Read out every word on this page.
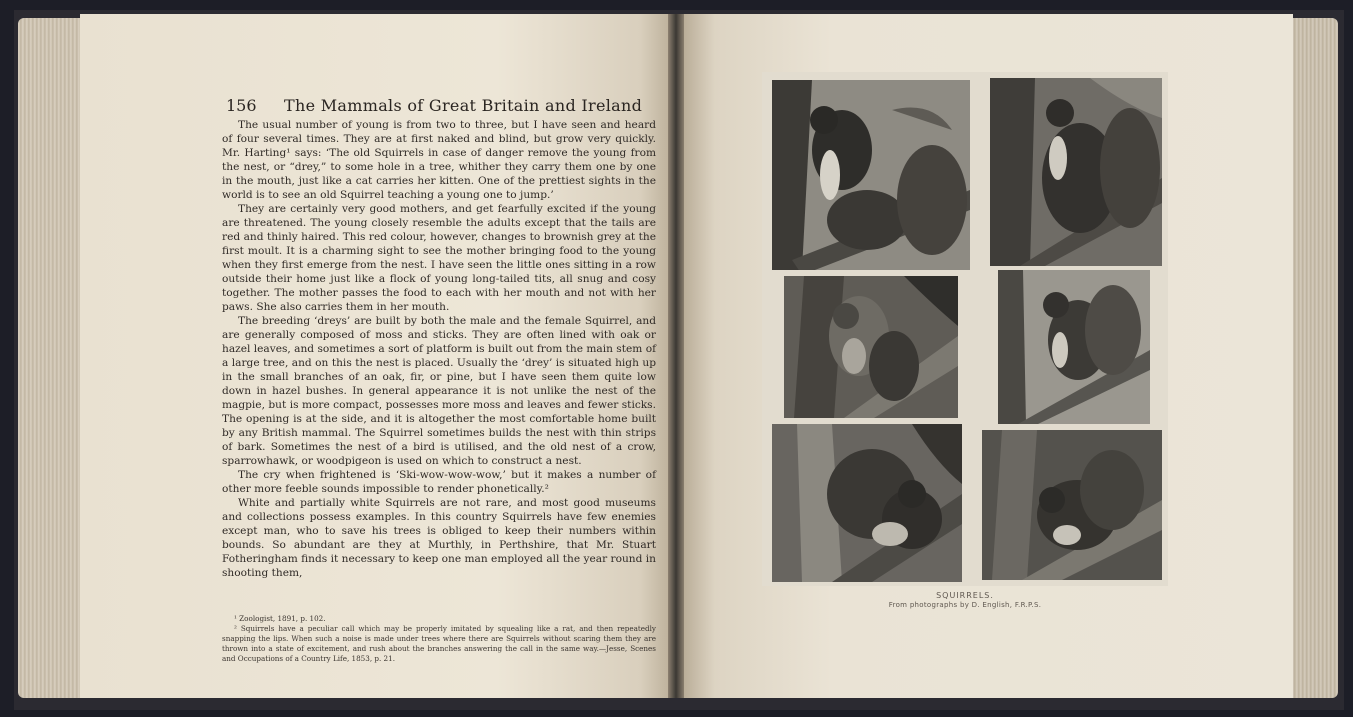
156 The Mammals of Great Britain and Ireland

The usual number of young is from two to three, but I have seen and heard of four several times. They are at first naked and blind, but grow very quickly. Mr. Harting¹ says: ‘The old Squirrels in case of danger remove the young from the nest, or “drey,” to some hole in a tree, whither they carry them one by one in the mouth, just like a cat carries her kitten. One of the prettiest sights in the world is to see an old Squirrel teaching a young one to jump.’

They are certainly very good mothers, and get fearfully excited if the young are threatened. The young closely resemble the adults except that the tails are red and thinly haired. This red colour, however, changes to brownish grey at the first moult. It is a charming sight to see the mother bringing food to the young when they first emerge from the nest. I have seen the little ones sitting in a row outside their home just like a flock of young long-tailed tits, all snug and cosy together. The mother passes the food to each with her mouth and not with her paws. She also carries them in her mouth.

The breeding ‘dreys’ are built by both the male and the female Squirrel, and are generally composed of moss and sticks. They are often lined with oak or hazel leaves, and sometimes a sort of platform is built out from the main stem of a large tree, and on this the nest is placed. Usually the ‘drey’ is situated high up in the small branches of an oak, fir, or pine, but I have seen them quite low down in hazel bushes. In general appearance it is not unlike the nest of the magpie, but is more compact, possesses more moss and leaves and fewer sticks. The opening is at the side, and it is altogether the most comfortable home built by any British mammal. The Squirrel sometimes builds the nest with thin strips of bark. Sometimes the nest of a bird is utilised, and the old nest of a crow, sparrowhawk, or woodpigeon is used on which to construct a nest.

The cry when frightened is ‘Ski-wow-wow-wow,’ but it makes a number of other more feeble sounds impossible to render phonetically.²

White and partially white Squirrels are not rare, and most good museums and collections possess examples. In this country Squirrels have few enemies except man, who to save his trees is obliged to keep their numbers within bounds. So abundant are they at Murthly, in Perthshire, that Mr. Stuart Fotheringham finds it necessary to keep one man employed all the year round in shooting them,

¹ Zoologist, 1891, p. 102.

² Squirrels have a peculiar call which may be properly imitated by squealing like a rat, and then repeatedly snapping the lips. When such a noise is made under trees where there are Squirrels without scaring them they are thrown into a state of excitement, and rush about the branches answering the call in the same way.—Jesse, Scenes and Occupations of a Country Life, 1853, p. 21.

SQUIRRELS.
From photographs by D. English, F.R.P.S.
